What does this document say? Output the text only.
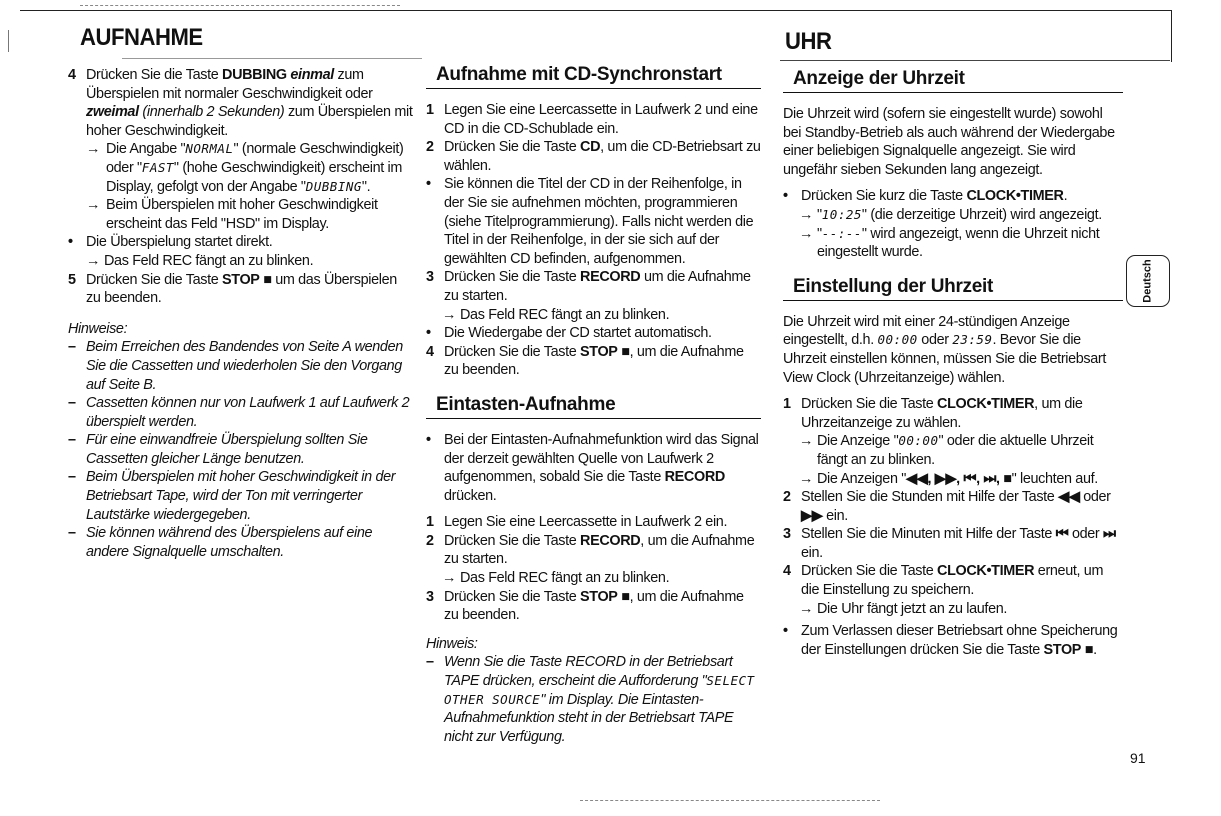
AUFNAHME	UHR
4 Drücken Sie die Taste DUBBING einmal zum Überspielen mit normaler Geschwindigkeit oder zweimal (innerhalb 2 Sekunden) zum Überspielen mit hoher Geschwindigkeit.
→ Die Angabe "NORMAL" (normale Geschwindigkeit) oder "FAST" (hohe Geschwindigkeit) erscheint im Display, gefolgt von der Angabe "DUBBING".
→ Beim Überspielen mit hoher Geschwindigkeit erscheint das Feld "HSD" im Display.
• Die Überspielung startet direkt.
→ Das Feld REC fängt an zu blinken.
5 Drücken Sie die Taste STOP ■ um das Überspielen zu beenden.
Hinweise:
– Beim Erreichen des Bandendes von Seite A wenden Sie die Cassetten und wiederholen Sie den Vorgang auf Seite B.
– Cassetten können nur von Laufwerk 1 auf Laufwerk 2 überspielt werden.
– Für eine einwandfreie Überspielung sollten Sie Cassetten gleicher Länge benutzen.
– Beim Überspielen mit hoher Geschwindigkeit in der Betriebsart Tape, wird der Ton mit verringerter Lautstärke wiedergegeben.
– Sie können während des Überspielens auf eine andere Signalquelle umschalten.
Aufnahme mit CD-Synchronstart
1 Legen Sie eine Leercassette in Laufwerk 2 und eine CD in die CD-Schublade ein.
2 Drücken Sie die Taste CD, um die CD-Betriebsart zu wählen.
• Sie können die Titel der CD in der Reihenfolge, in der Sie sie aufnehmen möchten, programmieren (siehe Titelprogrammierung). Falls nicht werden die Titel in der Reihenfolge, in der sie sich auf der gewählten CD befinden, aufgenommen.
3 Drücken Sie die Taste RECORD um die Aufnahme zu starten.
→ Das Feld REC fängt an zu blinken.
• Die Wiedergabe der CD startet automatisch.
4 Drücken Sie die Taste STOP ■, um die Aufnahme zu beenden.
Eintasten-Aufnahme
• Bei der Eintasten-Aufnahmefunktion wird das Signal der derzeit gewählten Quelle von Laufwerk 2 aufgenommen, sobald Sie die Taste RECORD drücken.
1 Legen Sie eine Leercassette in Laufwerk 2 ein.
2 Drücken Sie die Taste RECORD, um die Aufnahme zu starten.
→ Das Feld REC fängt an zu blinken.
3 Drücken Sie die Taste STOP ■, um die Aufnahme zu beenden.
Hinweis:
– Wenn Sie die Taste RECORD in der Betriebsart TAPE drücken, erscheint die Aufforderung "SELECT OTHER SOURCE" im Display. Die Eintasten-Aufnahmefunktion steht in der Betriebsart TAPE nicht zur Verfügung.
Anzeige der Uhrzeit

Die Uhrzeit wird (sofern sie eingestellt wurde) sowohl bei Standby-Betrieb als auch während der Wiedergabe einer beliebigen Signalquelle angezeigt. Sie wird ungefähr sieben Sekunden lang angezeigt.

• Drücken Sie kurz die Taste CLOCK•TIMER.
→ "10:25" (die derzeitige Uhrzeit) wird angezeigt.
→ "--:--" wird angezeigt, wenn die Uhrzeit nicht eingestellt wurde.
Einstellung der Uhrzeit

Die Uhrzeit wird mit einer 24-stündigen Anzeige eingestellt, d.h. 00:00 oder 23:59. Bevor Sie die Uhrzeit einstellen können, müssen Sie die Betriebsart View Clock (Uhrzeitanzeige) wählen.

1 Drücken Sie die Taste CLOCK•TIMER, um die Uhrzeitanzeige zu wählen.
→ Die Anzeige "00:00" oder die aktuelle Uhrzeit fängt an zu blinken.
→ Die Anzeigen "◀◀, ▶▶, ⏮, ⏭, ■" leuchten auf.
2 Stellen Sie die Stunden mit Hilfe der Taste ◀◀ oder ▶▶ ein.
3 Stellen Sie die Minuten mit Hilfe der Taste ⏮ oder ⏭ ein.
4 Drücken Sie die Taste CLOCK•TIMER erneut, um die Einstellung zu speichern.
→ Die Uhr fängt jetzt an zu laufen.
• Zum Verlassen dieser Betriebsart ohne Speicherung der Einstellungen drücken Sie die Taste STOP ■.
Deutsch
91
